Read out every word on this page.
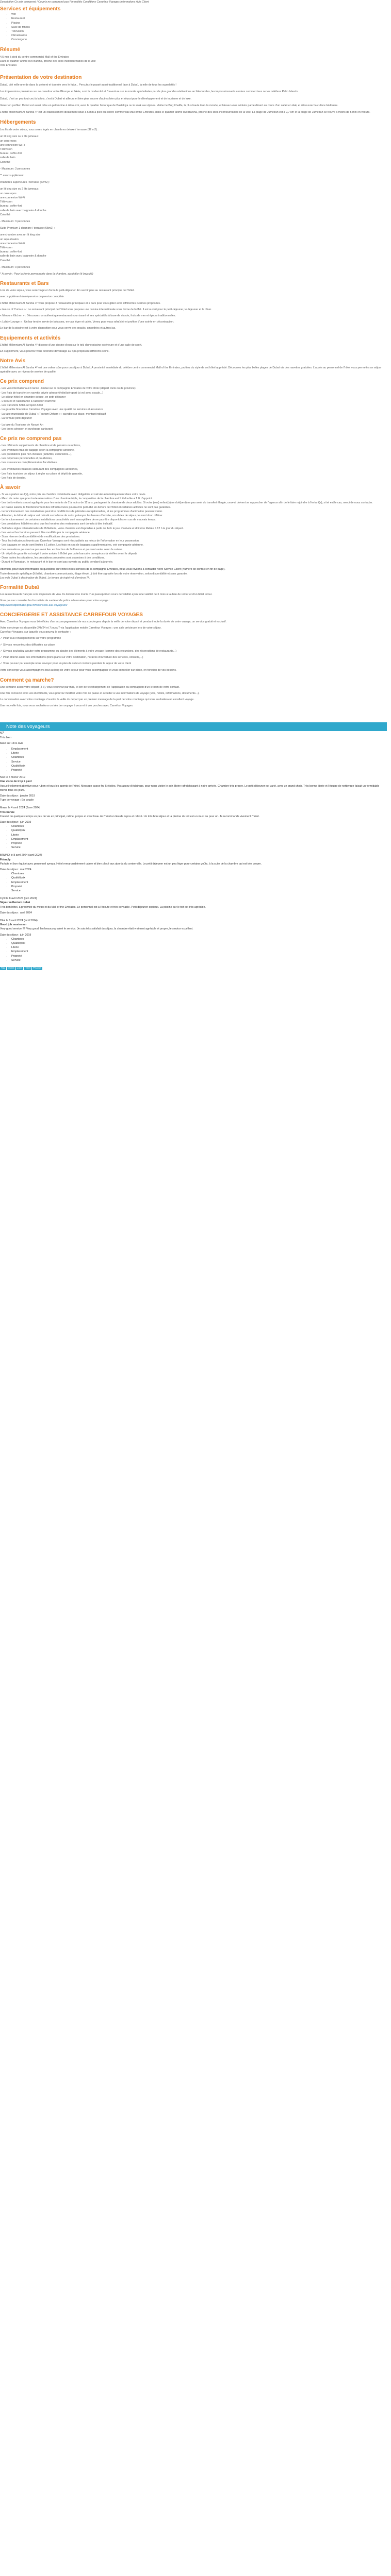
Description Ce prix comprend / Ce prix ne comprend pas Formalités Conditions Carrefour Voyages Informations Avis Client

Services et équipements
• Wifi
• Restaurant
• Piscine
• Salle de fitness
• Télévision
• Climatisation
• Conciergerie
Résumé

4.5 min à pied du centre commercial Mall of the Emirates

Dans le quartier animé d'Al Barsha, proche des sites incontournables de la ville

Vols Emirates

Présentation de votre destination

Dubaï, cité mille une de dans la présent et tournée vers le futur... Percutez le passé aussi traditionnel face à Dubaï, la mile de tous les superlatifs !

Les impressions premières sur ce carrefour entre l'Europe et l'Asie, sont la modernité et l'ouverture sur le monde symbolisées par de plus grandes réalisations architecturales, les impressionnants centres commerciaux ou les célèbres Palm Islands.

Dubaï, c'est un peu tout ceci à la fois, c'est à Dubaï et ailleurs et bien plus encore d'autres bien plus et réussi pour le développement et de tourisme et de luxe.

Venez en profiter. Dubaï est aussi riche en patrimoine à découvrir, avec le quartier historique de Bastakiya ou le souk aux épices. Visitez le Burj Khalifa, la plus haute tour du monde, et laissez-vous séduire par le désert au cours d'un safari en 4x4, et découvrez la culture bédouine.

L'hôtel Millennium Al Barsha 4* est un établissement idéalement situé à 5 min à pied du centre commercial Mall of the Emirates, dans le quartier animé d'Al Barsha, proche des sites incontournables de la ville. La plage de Jumeirah est à 2,7 km et la plage de Jumeirah se trouve à moins de 5 min en voiture.

Hébergements

Les lits de votre séjour, vous serez logés en chambres deluxe / terrasse (32 m2) :

un lit king size ou 2 lits jumeaux

un coin repos

une connexion Wi-Fi

Télévision

bureau, coffre-fort

salle de bain

Coin thé

- Maximum: 3 personnes

** avec supplément

chambres supérieures / terrasse (32m2) :

un lit king size ou 2 lits jumeaux

un coin repos

une connexion Wi-Fi

Télévision

bureau, coffre-fort

salle de bain avec baignoire & douche

Coin thé

- Maximum: 3 personnes

Suite Premium 1 chambre / terrasse (65m2) :

une chambre avec un lit king size

un séjour/salon

une connexion Wi-Fi

Télévision

bureau, coffre-fort

salle de bain avec baignoire & douche

Coin thé

- Maximum: 3 personnes

* À savoir : Pour la literie permanente dans la chambre, ajout d'un lit (rajouté)

Restaurants et Bars

Lors de votre séjour, vous serez logé en formule petit-déjeuner. En savoir plus au restaurant principal de l'hôtel.

avec supplément demi-pension ou pension complète.

L'hôtel Millennium Al Barsha 4* vous propose 3 restaurants principaux et 1 bars pour vous gâter avec différentes cuisines proposées.

« House of Curious » : Le restaurant principal de l'hôtel vous propose une cuisine internationale sous forme de buffet. Il est ouvert pour le petit-déjeuner, le déjeuner et le dîner.

« Mercure Kitchen » : Découvrez un authentique restaurant nourrissant et ses spécialités à base de viande, fruits de mer et épices traditionnelles.

« Lobby Lounge » : Un bar tendre servie de boissons, en-cas léger et cafés. Venez pour vous rafraîchir et profiter d'une soirée en décontraction.

Le bar de la piscine est à votre disposition pour vous servir des snacks, smoothies et autres jus.

Equipements et activités

L'hôtel Millennium Al Barsha 4* dispose d'une piscine d'eau sur le toit, d'une piscine extérieure et d'une salle de sport.

En supplément, vous pourrez vous détendre davantage au Spa proposant différents soins.

Notre Avis

L'hôtel Millennium Al Barsha 4* est une valeur sûre pour un séjour à Dubaï. A proximité immédiate du célèbre centre commercial Mall of the Emirates, profitez du style de cet hôtel apprécié. Découvrez les plus belles plages de Dubaï via des navettes gratuites. L'accès au personnel de l'hôtel vous permettra un séjour agréable avec un niveau de service de qualité.

Ce prix comprend

- Les vols internationaux France - Dubaï sur la compagnie Emirates de votre choix (départ Paris ou de province)

- Les frais de transfert en navette privée aéroport/hôtel/aéroport (si vol avec escale...)

- Le séjour hôtel en chambre deluxe, en petit-déjeuner

- L'accueil et l'assistance à l'aéroport d'arrivée

- Les transferts hôtel-aéroport-hôtel

- La garantie financière Carrefour Voyages avec une qualité de services et assurance

- La taxe municipale de Dubaï « Tourism Dirham » : payable sur place, montant indicatif

- La formule petit-déjeuner

- La taxe du Tourisme de Nouvel An

- Les taxes aéroport et surcharge carburant

Ce prix ne comprend pas

- Les différents suppléments de chambre et de pension ou options,

- Les éventuels frais de bagage selon la compagnie aérienne,

- Les prestations plus non-incluses (activités, excursions...),

- Les dépenses personnelles et pourboires,

- Les assurances complémentaires facultatives.

- Les éventuelles hausses carburant des compagnies aériennes,

- Les frais touristes de séjour à régler sur place et dépôt de garantie,

- Les frais de dossier.

À savoir

- Si vous partez seul(e), notre prix en chambre individuelle avec obligatoire et calculé automatiquement dans votre devis.

- Merci de noter que pour toute réservation d'une chambre triple, la composition de la chambre est 1 lit double + 1 lit d'appoint.

- Les tarifs enfants seront appliqués pour les enfants de 2 à moins de 12 ans, partageant la chambre de deux adultes. Si votre (vos) enfant(s) ne doit(vent) ne pas avoir du transfert élargie, ceux-ci doivent se rapprocher de l'agence afin de le faire rejoindre à l'enfant(s), si tel est le cas, merci de nous contacter.

- En basse saison, le fonctionnement des infrastructures pourra être perturbé en dehors de l'hôtel et certaines activités ne sont pas garanties.

- Le fonctionnement des installations peut être modifié lors de périodes exceptionnelles, et les programmes d'animation peuvent varier.

- Attention, le début du séjour est calculé sur la base de nuits, prévoyez les heures d'arrivée, vos dates de séjour peuvent donc différer.

- Le fonctionnement de certaines installations ou activités sont susceptibles de ne pas être disponibles en cas de mauvais temps.

- Les prestations hôtelières ainsi que les horaires des restaurants sont donnés à titre indicatif.

- Selon les règles internationales de l'hôtellerie, votre chambre est disponible à partir de 14 h le jour d'arrivée et doit être libérée à 12 h le jour du départ.

- Les vols et les horaires peuvent être modifiés par la compagnie aérienne.

- Sous réserve de disponibilité et de modifications des prestations.

- Tous les indicateurs fournis par Carrefour Voyages sont réactualisés au mieux de l'information en leur possession.

- Les bagages en soute sont limités à 1 pièce. Les frais en cas de bagages supplémentaires, voir compagnie aérienne.

- Les animations peuvent ne pas avoir lieu en fonction de l'affluence et peuvent varier selon la saison.

- Un dépôt de garantie est exigé à votre arrivée à l'hôtel par carte bancaire ou espèces (à vérifier avant le départ).

- Dans toutes les situations, les prestations proposées sont soumises à des conditions.

- Durant le Ramadan, le restaurant et le bar ne sont pas ouverts au public pendant la journée.

Attention, pour toute information ou questions sur l'hôtel et les services de la compagnie Emirates, nous vous invitons à contacter notre Service Client (Numéro de contact en fin de page).

Toute demande spécifique (lit bébé, chambre communicante, étage élevé...) doit être signalée lors de votre réservation, selon disponibilité et sans garantie.

Les vols Dubaï à destination de Dubaï. Le temps de trajet vol d'environ 7h.

Formalité Dubaï

Les ressortissants français sont dispensés de visa. Ils doivent être munis d'un passeport en cours de validité ayant une validité de 6 mois à la date de retour et d'un billet retour.

Vous pouvez consulter les formalités de santé et de police nécessaires pour votre voyage :

http://www.diplomatie.gouv.fr/fr/conseils-aux-voyageurs/

CONCIERGERIE ET ASSISTANCE CARREFOUR VOYAGES

Avec Carrefour Voyages vous bénéficiez d'un accompagnement de nos conciergers depuis la veille de votre départ et pendant toute la durée de votre voyage, un service gratuit et exclusif.

Votre concierge est disponible 24h/24 et 7 jours/7 via l'application mobile Carrefour Voyages : une aide précieuse lors de votre séjour.

Carrefour Voyages, sur laquelle vous pouvez le contacter :

✓ Pour tous renseignements sur votre programme

✓ Si vous rencontrez des difficultés sur place

✓ Si vous souhaitez ajouter votre programme ou ajouter des éléments à votre voyage (comme des excursions, des réservations de restaurants...)

✓ Pour obtenir aussi des informations (bons plans sur votre destination, horaires d'ouverture des services, conseils,...)

✓ Vous pouvez par exemple nous envoyer pour un plan de suivi et contacts pendant le séjour de votre client

Votre concierge vous accompagnera tout au long de votre séjour pour vous accompagner et vous conseiller sur place, en fonction de vos besoins.

Comment ça marche?

Une semaine avant votre départ (J-7), vous recevrez par mail, le lien de téléchargement de l'application ou compagnon d'un le nom de votre contact.

Une fois connecté avec vos identifiants, vous pourrez modifier votre mot de passe et accéder à vos informations de voyage (vols, hôtels, informations, documents...).

La conversation avec votre concierge s'ouvrira la veille du départ par un premier message de la part de votre concierge qui vous souhaitera un excellent voyage.

Une nouvelle fois, nous vous souhaitons un très bon voyage à vous et à vos proches avec Carrefour Voyages.

Note des voyageurs

4.7

Très bien

basé sur 1441 Avis

• Emplacement
• Literie
• Chambres
• Service
• Qualité/prix
• Propreté

Noé le 5 février 2019

Une visite de trop à pied

Accueil tellement attentive pour ruben et tous les agents de l'hôtel. Message assez fin, 5 étoiles. Pas assez d'éclairage, pour nous visiter le soir. Boire rafraîchissant à notre arrivée. Chambre très propre. Le petit déjeuner est varié, avec un grand choix. Très bonne literie et l'équipe de nettoyage faisait un formidable travail tous les jours.

Date du séjour : janvier 2019

Type de voyage : En couple

Mawa le 4 avril 2024 (June 2024)

Très bonne

Il resort de quelques temps un peu de vie en principal, calme, propre et avec l'eau de l'hôtel un lieu de repos et relaxé. Un très bon séjour et la piscine du toit est un must ou pour un. Je recommande vivement l'hôtel.

Date du séjour : juin 2019

• Chambres
• Qualité/prix
• Literie
• Emplacement
• Propreté
• Service

BRUNO le 8 avril 2024 (avril 2024)

Friendly

Parfaite et bon équipé avec personnel sympa. Hôtel remarquablement calme et bien placé aux abords du centre-ville. Le petit déjeuner est un peu léger pour certains goûts, à la suite de la chambre qui est très propre.

Date du séjour : mai 2024

• Chambres
• Qualité/prix
• Emplacement
• Propreté
• Service

Cyril le 8 avril 2024 (juin 2024)

Séjour millenium dubai

Très bon hôtel, à proximité du métro et du Mall of the Emirates. Le personnel est à l'écoute et très serviable. Petit déjeuner copieux. La piscine sur le toit est très agréable.

Date du séjour : avril 2024

Dilal le 8 avril 2024 (avril 2024)

Good job musteman

Very good service !!!! Very good, I'm beaucoup aimé le service. Je suis très satisfait du séjour, la chambre était vraiment agréable et propre, le service excellent.

Date du séjour : juin 2019

• Chambres
• Qualité/prix
• Literie
• Emplacement
• Propreté
• Service
Tag Dubaï Luxe Hôtel Piscine
